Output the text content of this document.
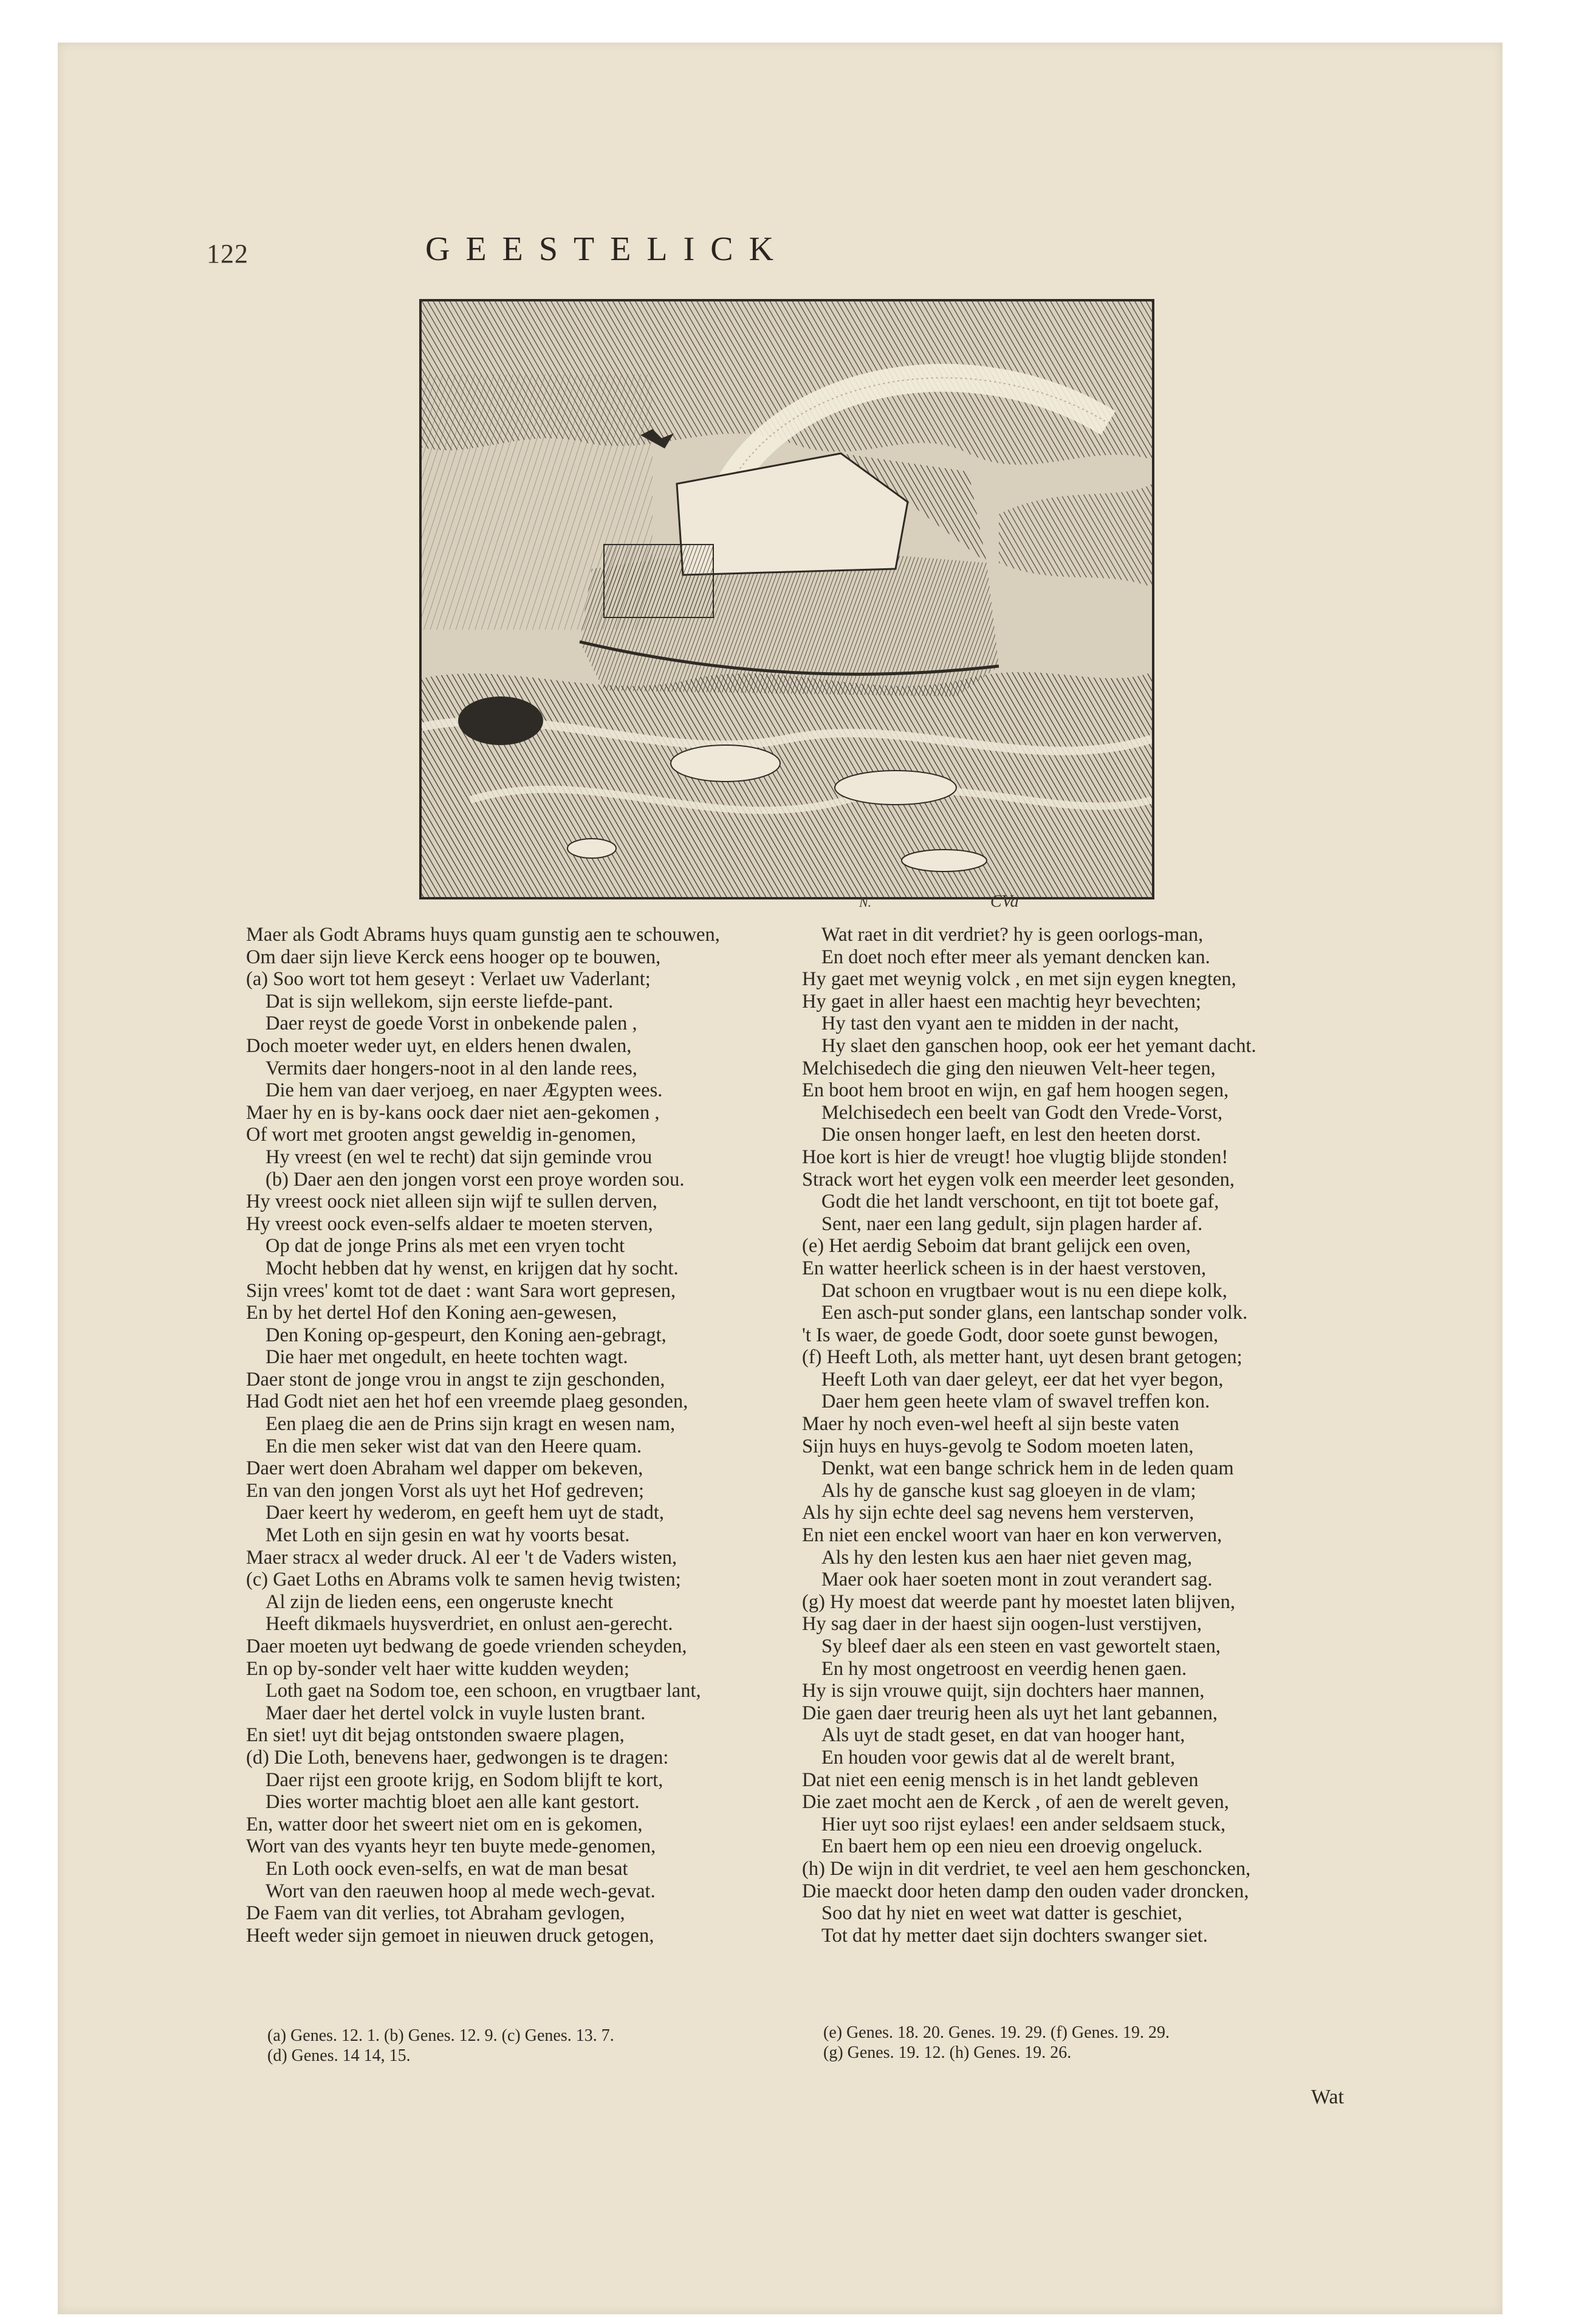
122	GEESTELICK
N.	CVa
Maer als Godt Abrams huys quam gunstig aen te schouwen,
Om daer sijn lieve Kerck eens hooger op te bouwen,
(a) Soo wort tot hem geseyt : Verlaet uw Vaderlant;
Dat is sijn wellekom, sijn eerste liefde-pant.
Daer reyst de goede Vorst in onbekende palen ,
Doch moeter weder uyt, en elders henen dwalen,
Vermits daer hongers-noot in al den lande rees,
Die hem van daer verjoeg, en naer Ægypten wees.
Maer hy en is by-kans oock daer niet aen-gekomen ,
Of wort met grooten angst geweldig in-genomen,
Hy vreest (en wel te recht) dat sijn geminde vrou
(b) Daer aen den jongen vorst een proye worden sou.
Hy vreest oock niet alleen sijn wijf te sullen derven,
Hy vreest oock even-selfs aldaer te moeten sterven,
Op dat de jonge Prins als met een vryen tocht
Mocht hebben dat hy wenst, en krijgen dat hy socht.
Sijn vrees' komt tot de daet : want Sara wort gepresen,
En by het dertel Hof den Koning aen-gewesen,
Den Koning op-gespeurt, den Koning aen-gebragt,
Die haer met ongedult, en heete tochten wagt.
Daer stont de jonge vrou in angst te zijn geschonden,
Had Godt niet aen het hof een vreemde plaeg gesonden,
Een plaeg die aen de Prins sijn kragt en wesen nam,
En die men seker wist dat van den Heere quam.
Daer wert doen Abraham wel dapper om bekeven,
En van den jongen Vorst als uyt het Hof gedreven;
Daer keert hy wederom, en geeft hem uyt de stadt,
Met Loth en sijn gesin en wat hy voorts besat.
Maer stracx al weder druck. Al eer 't de Vaders wisten,
(c) Gaet Loths en Abrams volk te samen hevig twisten;
Al zijn de lieden eens, een ongeruste knecht
Heeft dikmaels huysverdriet, en onlust aen-gerecht.
Daer moeten uyt bedwang de goede vrienden scheyden,
En op by-sonder velt haer witte kudden weyden;
Loth gaet na Sodom toe, een schoon, en vrugtbaer lant,
Maer daer het dertel volck in vuyle lusten brant.
En siet! uyt dit bejag ontstonden swaere plagen,
(d) Die Loth, benevens haer, gedwongen is te dragen:
Daer rijst een groote krijg, en Sodom blijft te kort,
Dies worter machtig bloet aen alle kant gestort.
En, watter door het sweert niet om en is gekomen,
Wort van des vyants heyr ten buyte mede-genomen,
En Loth oock even-selfs, en wat de man besat
Wort van den raeuwen hoop al mede wech-gevat.
De Faem van dit verlies, tot Abraham gevlogen,
Heeft weder sijn gemoet in nieuwen druck getogen,
Wat raet in dit verdriet? hy is geen oorlogs-man,
En doet noch efter meer als yemant dencken kan.
Hy gaet met weynig volck , en met sijn eygen knegten,
Hy gaet in aller haest een machtig heyr bevechten;
Hy tast den vyant aen te midden in der nacht,
Hy slaet den ganschen hoop, ook eer het yemant dacht.
Melchisedech die ging den nieuwen Velt-heer tegen,
En boot hem broot en wijn, en gaf hem hoogen segen,
Melchisedech een beelt van Godt den Vrede-Vorst,
Die onsen honger laeft, en lest den heeten dorst.
Hoe kort is hier de vreugt! hoe vlugtig blijde stonden!
Strack wort het eygen volk een meerder leet gesonden,
Godt die het landt verschoont, en tijt tot boete gaf,
Sent, naer een lang gedult, sijn plagen harder af.
(e) Het aerdig Seboim dat brant gelijck een oven,
En watter heerlick scheen is in der haest verstoven,
Dat schoon en vrugtbaer wout is nu een diepe kolk,
Een asch-put sonder glans, een lantschap sonder volk.
't Is waer, de goede Godt, door soete gunst bewogen,
(f) Heeft Loth, als metter hant, uyt desen brant getogen;
Heeft Loth van daer geleyt, eer dat het vyer begon,
Daer hem geen heete vlam of swavel treffen kon.
Maer hy noch even-wel heeft al sijn beste vaten
Sijn huys en huys-gevolg te Sodom moeten laten,
Denkt, wat een bange schrick hem in de leden quam
Als hy de gansche kust sag gloeyen in de vlam;
Als hy sijn echte deel sag nevens hem versterven,
En niet een enckel woort van haer en kon verwerven,
Als hy den lesten kus aen haer niet geven mag,
Maer ook haer soeten mont in zout verandert sag.
(g) Hy moest dat weerde pant hy moestet laten blijven,
Hy sag daer in der haest sijn oogen-lust verstijven,
Sy bleef daer als een steen en vast gewortelt staen,
En hy most ongetroost en veerdig henen gaen.
Hy is sijn vrouwe quijt, sijn dochters haer mannen,
Die gaen daer treurig heen als uyt het lant gebannen,
Als uyt de stadt geset, en dat van hooger hant,
En houden voor gewis dat al de werelt brant,
Dat niet een eenig mensch is in het landt gebleven
Die zaet mocht aen de Kerck , of aen de werelt geven,
Hier uyt soo rijst eylaes! een ander seldsaem stuck,
En baert hem op een nieu een droevig ongeluck.
(h) De wijn in dit verdriet, te veel aen hem geschoncken,
Die maeckt door heten damp den ouden vader droncken,
Soo dat hy niet en weet wat datter is geschiet,
Tot dat hy metter daet sijn dochters swanger siet.
(a) Genes. 12. 1. (b) Genes. 12. 9. (c) Genes. 13. 7.
(d) Genes. 14 14, 15.
(e) Genes. 18. 20. Genes. 19. 29. (f) Genes. 19. 29.
(g) Genes. 19. 12. (h) Genes. 19. 26.
Wat
